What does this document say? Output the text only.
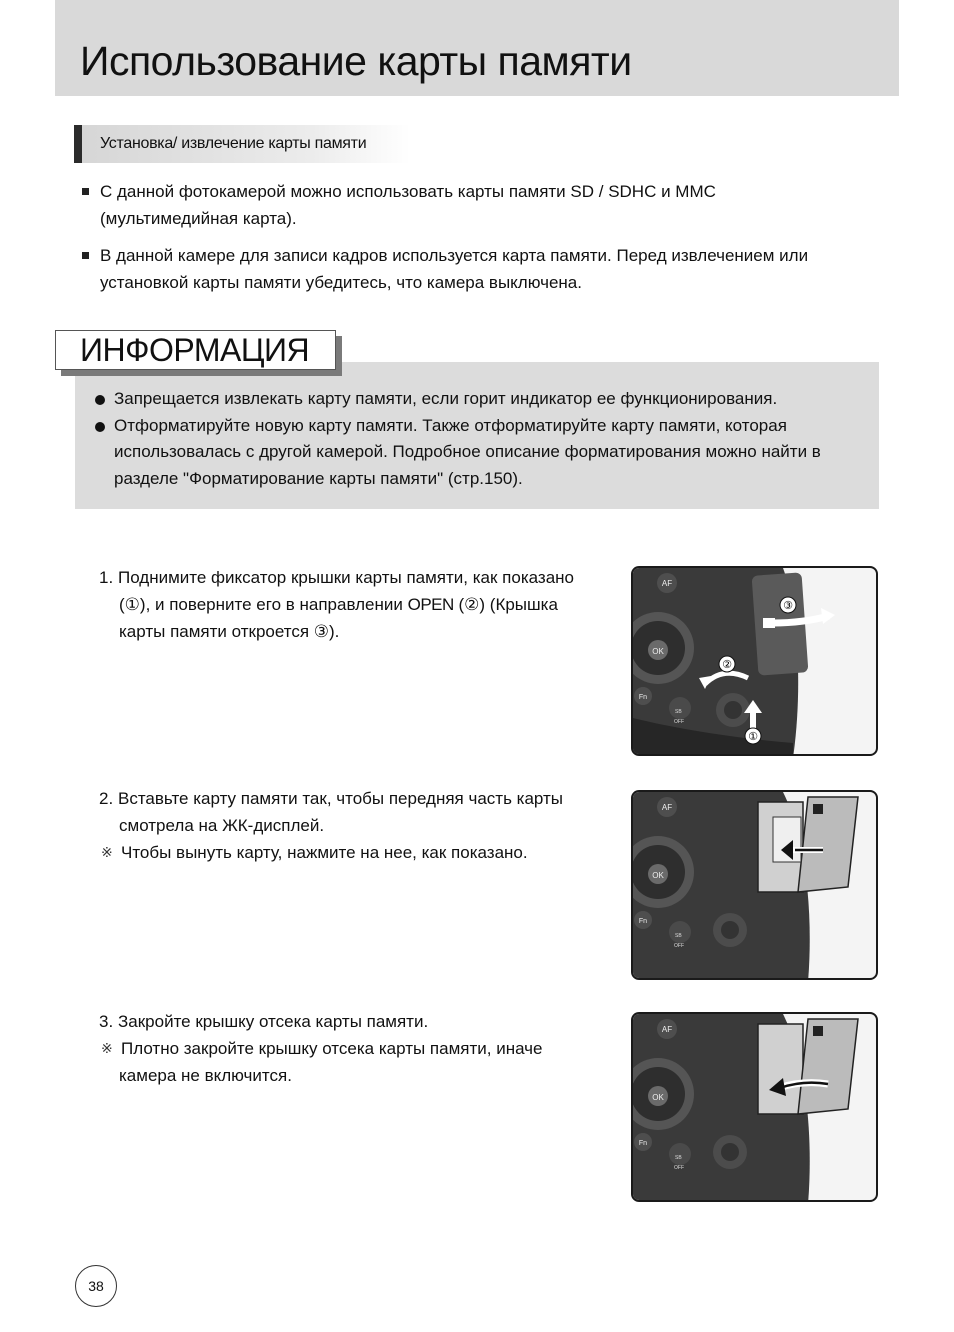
Использование карты памяти
Установка/ извлечение карты памяти
С данной фотокамерой можно использовать карты памяти SD / SDHC и MMC
(мультимедийная карта).
В данной камере для записи кадров используется карта памяти. Перед извлечением или
установкой карты памяти убедитесь, что камера выключена.
ИНФОРМАЦИЯ
Запрещается извлекать карту памяти, если горит индикатор ее функционирования.
Отформатируйте новую карту памяти. Также отформатируйте карту памяти, которая
использовалась с другой камерой. Подробное описание форматирования можно найти в
разделе "Форматирование карты памяти" (стр.150).
1. Поднимите фиксатор крышки карты памяти, как показано
(①), и поверните его в направлении OPEN (②) (Крышка
карты памяти откроется ③).
2. Вставьте карту памяти так, чтобы передняя часть карты
смотрела на ЖК-дисплей.
※ Чтобы вынуть карту, нажмите на нее, как показано.
3. Закройте крышку отсека карты памяти.
※ Плотно закройте крышку отсека карты памяти, иначе
камера не включится.
OK
AF
Fn
SB
OFF
③
②
①
OK
AF
Fn
SB
OFF
OK
AF
Fn
SB
OFF
38
